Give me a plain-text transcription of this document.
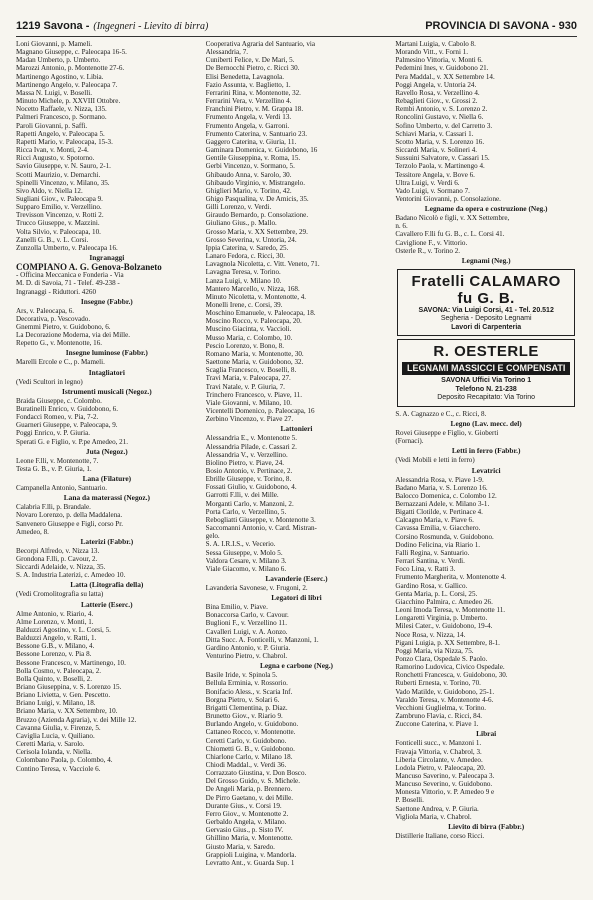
1219 Savona - (Ingegneri - Lievito di birra)	PROVINCIA DI SAVONA - 930
Loni Giovanni, p. Mameli.
Magnano Giuseppe, c. Paleocapa 16-5.
Madan Umberto, p. Umberto.
Marozzi Antonio, p. Montenotte 27-6.
Martinengo Agostino, v. Libia.
Martinengo Angelo, v. Paleocapa 7.
Massa N. Luigi, v. Boselli.
Minuto Michele, p. XXVIII Ottobre.
Nocetto Raffaele, v. Nizza, 135.
Palmeri Francesco, p. Sormano.
Paroli Giovanni, p. Saffi.
Rapetti Angelo, v. Paleocapa 5.
Rapetti Mario, v. Paleocapa, 15-3.
Ricca Ivan, v. Monti, 2-4.
Ricci Augusto, v. Spotorno.
Savio Giuseppe, v. N. Sauro, 2-1.
Scotti Maurizio, v. Demarchi.
Spinelli Vincenzo, v. Milano, 35.
Sivo Aldo, v. Niella 12.
Sugliani Giov., v. Paleocapa 9.
Supparo Emilio, v. Verzellino.
Trevisson Vincenzo, v. Rotti 2.
Trucco Giuseppe, v. Mazzini.
Volta Silvio, v. Paleocapa, 10.
Zanelli G. B., v. L. Corsi.
Zunzolla Umberto, v. Paleocapa 16.
Ingranaggi
COMPIANO A. G. Genova-Bolzaneto
- Officina Meccanica e Fonderia - Via
M. D. di Savoia, 71 - Telef. 49-238 -
Ingranaggi - Riduttori. 4260
Insegne (Fabbr.)
Ars, v. Paleocapa, 6.
Decorativa, p. Vescovado.
Gnemmi Pietro, v. Guidobono, 6.
La Decorazione Moderna, via dei Mille.
Repetto G., v. Montenotte, 16.
Insegne luminose (Fabbr.)
Marelli Ercole e C., p. Mameli.
Intagliatori
(Vedi Scultori in legno)
Istrumenti musicali (Negoz.)
Braida Giuseppe, c. Colombo.
Buratinelli Enrico, v. Guidobono, 6.
Fondacci Romeo, v. Pia, 7-2.
Guarneri Giuseppe, v. Paleocapa, 9.
Poggi Enrico, v. P. Giuria.
Sperati G. e Figlio, v. P.pe Amedeo, 21.
Juta (Negoz.)
Leone F.lli, v. Montenotte, 7.
Testa G. B., v. P. Giuria, 1.
Lana (Filature)
Campanella Antonio, Santuario.
Lana da materassi (Negoz.)
Calabria F.lli, p. Brandale.
Novaro Lorenzo, p. della Maddalena.
Sanvenero Giuseppe e Figli, corso Pr.
Amedeo, 8.
Laterizi (Fabbr.)
Becorpi Alfredo, v. Nizza 13.
Grondona F.lli, p. Cavour, 2.
Siccardi Adelaide, v. Nizza, 35.
S. A. Industria Laterizi, c. Amedeo 10.
Latta (Litografia della)
(Vedi Cromolitografia su latta)
Latterie (Eserc.)
Alme Antonio, v. Riario, 4.
Alme Lorenzo, v. Monti, 1.
Balduzzi Agostino, v. L. Corsi, 5.
Balduzzi Angelo, v. Ratti, 1.
Bessone G.B., v. Milano, 4.
Bessone Lorenzo, v. Pia 8.
Bessone Francesco, v. Martinengo, 10.
Bolla Cosmo, v. Paleocapa, 2.
Bolla Quinto, v. Boselli, 2.
Briano Giuseppina, v. S. Lorenzo 15.
Briano Livietta, v. Gen. Pescetto.
Briano Luigi, v. Milano, 18.
Briano Maria, v. XX Settembre, 10.
Bruzzo (Azienda Agraria), v. dei Mille 12.
Cavanna Giulia, v. Firenze, 5.
Caviglia Lucia, v. Quiliano.
Ceretti Maria, v. Sarolo.
Cerisola Iolanda, v. Niella.
Colombano Paola, p. Colombo, 4.
Contino Teresa, v. Vacciole 6.
Cooperativa Agraria del Santuario, via
Alessandria, 7.
Cuniberti Felice, v. De Mari, 5.
De Bernocchi Pietro, c. Ricci 30.
Elisi Benedetta, Lavagnola.
Fazio Assunta, v. Baglietto, 1.
Ferrarini Rina, v. Montenotte, 32.
Ferrarini Vera, v. Verzellino 4.
Franchini Pietro, v. M. Grappa 18.
Frumento Angela, v. Verdi 13.
Frumento Angela, v. Garroni.
Frumento Caterina, v. Santuario 23.
Gaggero Caterina, v. Giuria, 11.
Gaminara Domenica, v. Guidobono, 16
Gentile Giuseppina, v. Roma, 15.
Gerbi Vincenzo, v. Sormano, 5.
Ghibaudo Anna, v. Sarolo, 30.
Ghibaudo Virginio, v. Mistrangelo.
Ghiglieri Mario, v. Torino, 42.
Ghigo Pasqualina, v. De Amicis, 35.
Gilli Lorenzo, v. Verdi.
Giraudo Bernardo, p. Consolazione.
Giuliano Gius., p. Mallo.
Grosso Maria, v. XX Settembre, 29.
Grosso Severina, v. Untoria, 24.
Ippia Caterina, v. Saredo, 25.
Lanaro Fedora, c. Ricci, 30.
Lavagnola Nicoletta, c. Vitt. Veneto, 71.
Lavagna Teresa, v. Torino.
Lanza Luigi, v. Milano 10.
Mantero Marcello, v. Nizza, 168.
Minuto Nicoletta, v. Montenotte, 4.
Monelli Irene, c. Corsi, 39.
Moschino Emanuele, v. Paleocapa, 18.
Moscino Rocco, v. Paleocapa, 20.
Muscino Giacinta, v. Vaccioli.
Musso Maria, c. Colombo, 10.
Pescio Lorenzo, v. Bono, 8.
Romano Maria, v. Montenotte, 30.
Saettone Maria, v. Guidobono, 32.
Scaglia Francesco, v. Boselli, 8.
Travi Maria, v. Paleocapa, 27.
Travi Natale, v. P. Giuria, 7.
Trinchero Francesco, v. Piave, 11.
Viale Giovanni, v. Milano, 10.
Vicentelli Domenico, p. Paleocapa, 16
Zerbino Vincenzo, v. Piave 27.
Lattonieri
Alessandria E., v. Montenotte 5.
Alessandria Pilade, c. Cassari 2.
Alessandria V., v. Verzellino.
Biolino Pietro, v. Piave, 24.
Bosio Antonio, v. Pertinace, 2.
Ebrille Giuseppe, v. Torino, 8.
Fossati Giulio, v. Guidobono, 4.
Garrotti F.lli, v. dei Mille.
Morganti Carlo, v. Manzoni, 2.
Porta Carlo, v. Verzellino, 5.
Rebogliatti Giuseppe, v. Montenotte 3.
Saccomanni Antonio, v. Card. Mistran-
gelo.
S. A. I.R.I.S., v. Vecerio.
Sessa Giuseppe, v. Molo 5.
Valdora Cesare, v. Milano 3.
Viale Giacomo, v. Milano 6.
Lavanderie (Eserc.)
Lavanderia Savonese, v. Frugoni, 2.
Legatori di libri
Bina Emilio, v. Piave.
Bonaccorsa Carlo, v. Cavour.
Buglioni F., v. Verzellino 11.
Cavalleri Luigi, v. A. Aonzo.
Ditta Succ. A. Fonticelli, v. Manzoni, 1.
Gardino Antonio, v. P. Giuria.
Venturino Pietro, v. Chabrol.
Legna e carbone (Neg.)
Basile Iride, v. Spinola 5.
Bellula Erminia, v. Rossorio.
Bonifacio Aless., v. Scaria Inf.
Borgna Pietro, v. Solari 6.
Brigatti Clementina, p. Diaz.
Brunetto Giov., v. Riario 9.
Burlando Angelo, v. Guidobono.
Cattaneo Rocco, v. Montenotte.
Ceretti Carlo, v. Guidobono.
Chiometti G. B., v. Guidobono.
Chiarlone Carlo, v. Milano 18.
Chiodi Maddal., v. Verdi 36.
Corrazzato Giustina, v. Don Bosco.
Del Grosso Guido, v. S. Michele.
De Angeli Maria, p. Brennero.
De Pirro Gaetano, v. dei Mille.
Durante Gius., v. Corsi 19.
Ferro Giov., v. Montenotte 2.
Gerbaldo Angela, v. Milano.
Gervasio Gius., p. Sisto IV.
Ghillino Maria, v. Montenotte.
Giusto Maria, v. Saredo.
Grappioli Luigina, v. Mandorla.
Levratto Ant., v. Guarda Sup. 1
Martani Luigia, v. Cabolo 8.
Morando Vitt., v. Forni 1.
Palmesino Vittoria, v. Monti 6.
Pedemini Ines, v. Guidobono 21.
Pera Maddal., v. XX Settembre 14.
Poggi Angela, v. Untoria 24.
Ravello Rosa, v. Verzellino 4.
Rebaglieti Giov., v. Grossi 2.
Rembi Antonio, v. S. Lorenzo 2.
Roncolini Gustavo, v. Niella 6.
Sofino Umberto, v. del Carretto 3.
Schiavi Maria, v. Cassari 1.
Scotto Maria, v. S. Lorenzo 16.
Siccardi Maria, v. Solineri 4.
Sussuini Salvatore, v. Cassari 15.
Terzolo Paola, v. Martinengo 4.
Tessitore Angela, v. Bove 6.
Ultra Luigi, v. Verdi 6.
Vado Luigi, v. Sormano 7.
Ventorini Giovanni, p. Consolazione.
Legname da opera e costruzione (Neg.)
Badano Nicolò e figli, v. XX Settembre,
n. 6.
Cavallero F.lli fu G. B., c. L. Corsi 41.
Caviglione F., v. Vittorio.
Osterle R., v. Torino 2.
Legnami (Neg.)
Fratelli CALAMARO fu G. B.
SAVONA: Via Luigi Corsi, 41 - Tel. 20.512
Segheria - Deposito Legnami
Lavori di Carpenteria
R. OESTERLE
LEGNAMI MASSICCI E COMPENSATI
SAVONA Uffici Via Torino 1
Telefono N. 21-238
Deposito Recapitato: Via Torino
S. A. Cagnazzo e C., c. Ricci, 8.
Legno (Lav. mecc. del)
Rovei Giuseppe e Figlio, v. Gioberti
(Fornaci).
Letti in ferro (Fabbr.)
(Vedi Mobili e letti in ferro)
Levatrici
Alessandria Rosa, v. Piave 1-9.
Badano Maria, v. S. Lorenzo 16.
Balocco Domenica, c. Colombo 12.
Bernazzani Adele, v. Milano 3-1.
Bigatti Clotilde, v. Pertinace 4.
Calcagno Maria, v. Piave 6.
Cavassa Emilia, v. Giacchero.
Corsino Rosmunda, v. Guidobono.
Dodino Felicina, via Riario 1.
Falli Regina, v. Santuario.
Ferrari Santina, v. Verdi.
Foco Lina, v. Ratti 3.
Frumento Margherita, v. Montenotte 4.
Gardino Rosa, v. Gallico.
Genta Maria, p. L. Corsi, 25.
Giacchino Palmira, c. Amedeo 26.
Leoni Imoda Teresa, v. Montenotte 11.
Longaretti Virginia, p. Umberto.
Milesi Cater., v. Guidobono, 19-4.
Noce Rosa, v. Nizza, 14.
Pigani Luigia, p. XX Settembre, 8-1.
Poggi Maria, via Nizza, 75.
Ponzo Clara, Ospedale S. Paolo.
Ramorino Ludovica, Civico Ospedale.
Ronchetti Francesca, v. Guidobono, 30.
Ruberti Ernesta, v. Torino, 70.
Vado Matilde, v. Guidobono, 25-1.
Varaldo Teresa, v. Montenotte 4-6.
Vecchioni Guglielma, v. Torino.
Zambruno Flavia, c. Ricci, 84.
Zuccone Caterina, v. Piave 1.
Librai
Fonticelli succ., v. Manzoni 1.
Fravaja Vittoria, v. Chabrol, 3.
Liberia Circolante, v. Amedeo.
Lodola Pietro, v. Paleocapa, 20.
Mancuso Saverino, v. Paleocapa 3.
Mancuso Severino, v. Guidobono.
Monesta Vittorio, v. P. Amedeo 9 e
P. Boselli.
Saettone Andrea, v. P. Giuria.
Vigliola Maria, v. Chabrol.
Lievito di birra (Fabbr.)
Distillerie Italiane, corso Ricci.
